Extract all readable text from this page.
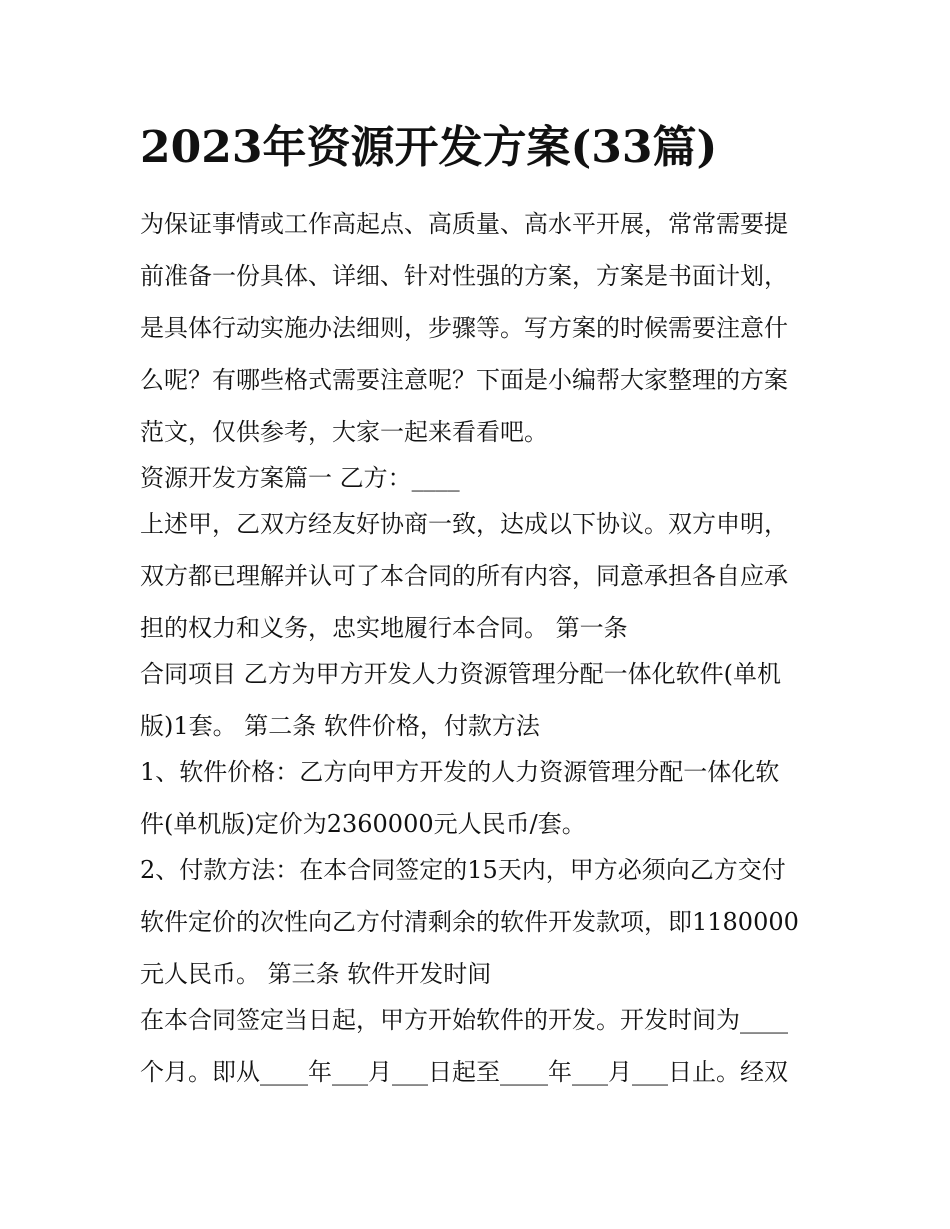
2023年资源开发方案(33篇)
为保证事情或工作高起点、高质量、高水平开展，常常需要提
前准备一份具体、详细、针对性强的方案，方案是书面计划，
是具体行动实施办法细则，步骤等。写方案的时候需要注意什
么呢？有哪些格式需要注意呢？下面是小编帮大家整理的方案
范文，仅供参考，大家一起来看看吧。
资源开发方案篇一 乙方：____
上述甲，乙双方经友好协商一致，达成以下协议。双方申明，
双方都已理解并认可了本合同的所有内容，同意承担各自应承
担的权力和义务，忠实地履行本合同。 第一条
合同项目 乙方为甲方开发人力资源管理分配一体化软件(单机
版)1套。 第二条 软件价格，付款方法
1、软件价格：乙方向甲方开发的人力资源管理分配一体化软
件(单机版)定价为2360000元人民币/套。
2、付款方法：在本合同签定的15天内，甲方必须向乙方交付
软件定价的次性向乙方付清剩余的软件开发款项，即1180000
元人民币。 第三条 软件开发时间
在本合同签定当日起，甲方开始软件的开发。开发时间为____
个月。即从____年___月___日起至____年___月___日止。经双
